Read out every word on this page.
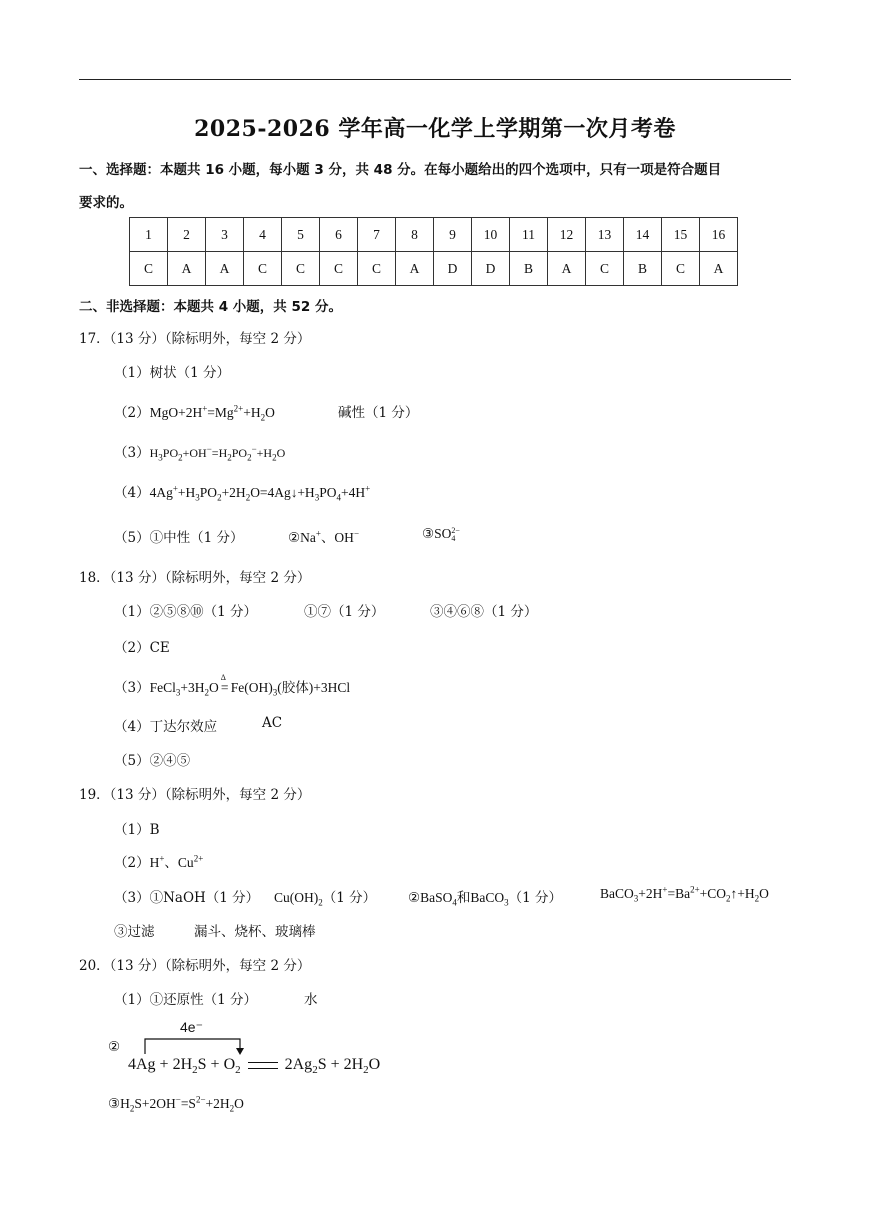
2025-2026 学年高一化学上学期第一次月考卷
一、选择题：本题共 16 小题，每小题 3 分，共 48 分。在每小题给出的四个选项中，只有一项是符合题目
要求的。
1	2	3	4	5	6	7	8	9	10	11	12	13	14	15	16
C	A	A	C	C	C	C	A	D	D	B	A	C	B	C	A
二、非选择题：本题共 4 小题，共 52 分。
17．（13 分）（除标明外，每空 2 分）
（1）树状（1 分）
$(2)MgO+2H^+=Mg^{2+}+H_2O$	碱性（1 分）
$(3)H_3PO_2+OH^-=H_2PO_2^-+H_2O$
$(4)4Ag^++H_3PO_2+2H_2O=4Ag↓+H_3PO_4+4H^+$
（5）①中性（1 分）	②Na+、OH−	③SO2−
4
18．（13 分）（除标明外，每空 2 分）
（1）②⑤⑧⑩（1 分）	①⑦（1 分）	③④⑥⑧（1 分）
（2）CE
$(3)FeCl_3+3H_2O$
Δ
= $Fe(OH)_3$(胶体)+3HCl
（4）丁达尔效应	AC
（5）②④⑤
19．（13 分）（除标明外，每空 2 分）
（1）B
（2）H+、$Cu^{2+}$
（3）①NaOH（1 分） $Cu(OH)_2(1$ 分） ②BaSO$_4$和BaCO$_3$（1 分）	$BaCO_3+2H^+=Ba^{2+}+CO_2↑+H_2O$
③过滤	漏斗、烧杯、玻璃棒
20．（13 分）（除标明外，每空 2 分）
（1）①还原性（1 分）	水
②
4e⁻
$4Ag + 2H_2S + O_2$	$2Ag_2S + 2H_2O$
$③H_2S+2OH^-=S^{2-}+2H_2O$
